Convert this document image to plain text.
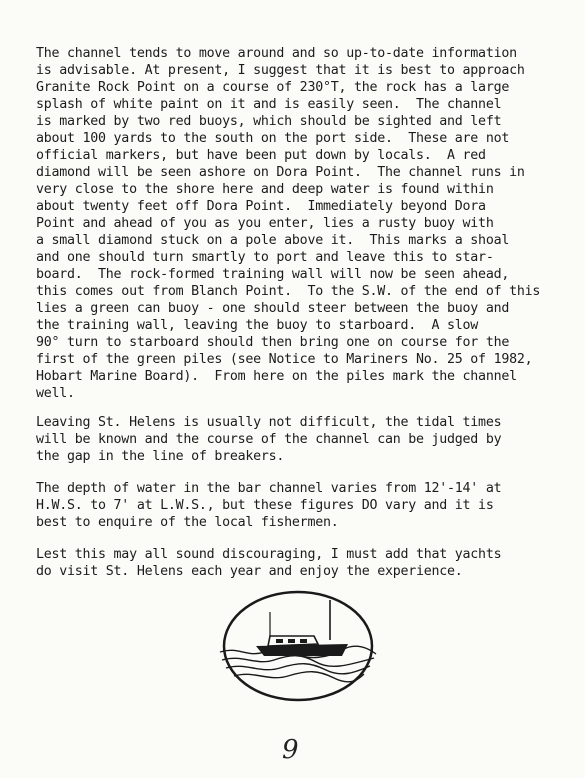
The channel tends to move around and so up-to-date information
is advisable. At present, I suggest that it is best to approach
Granite Rock Point on a course of 230°T, the rock has a large
splash of white paint on it and is easily seen.  The channel
is marked by two red buoys, which should be sighted and left
about 100 yards to the south on the port side.  These are not
official markers, but have been put down by locals.  A red
diamond will be seen ashore on Dora Point.  The channel runs in
very close to the shore here and deep water is found within
about twenty feet off Dora Point.  Immediately beyond Dora
Point and ahead of you as you enter, lies a rusty buoy with
a small diamond stuck on a pole above it.  This marks a shoal
and one should turn smartly to port and leave this to star-
board.  The rock-formed training wall will now be seen ahead,
this comes out from Blanch Point.  To the S.W. of the end of this
lies a green can buoy - one should steer between the buoy and
the training wall, leaving the buoy to starboard.  A slow
90° turn to starboard should then bring one on course for the
first of the green piles (see Notice to Mariners No. 25 of 1982,
Hobart Marine Board).  From here on the piles mark the channel
well.
Leaving St. Helens is usually not difficult, the tidal times
will be known and the course of the channel can be judged by
the gap in the line of breakers.
The depth of water in the bar channel varies from 12'-14' at
H.W.S. to 7' at L.W.S., but these figures DO vary and it is
best to enquire of the local fishermen.
Lest this may all sound discouraging, I must add that yachts
do visit St. Helens each year and enjoy the experience.
9
